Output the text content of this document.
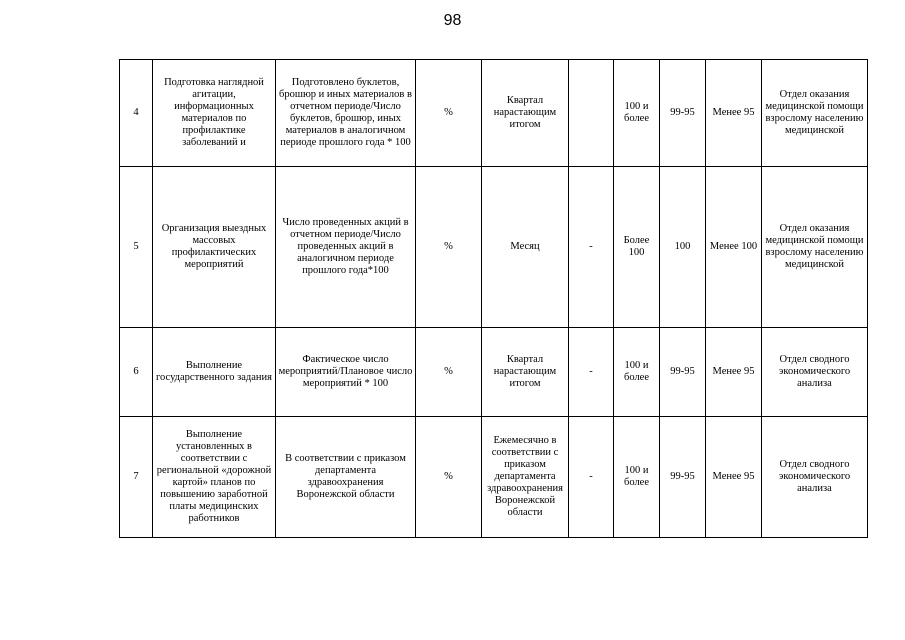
98
4	Подготовка наглядной агитации, информационных материалов по профилактике заболеваний и	Подготовлено буклетов, брошюр и иных материалов в отчетном периоде/Число буклетов, брошюр, иных материалов в аналогичном периоде прошлого года * 100	%	Квартал нарастающим итогом		100 и более	99-95	Менее 95	Отдел оказания медицинской помощи взрослому населению медицинской
5	Организация выездных массовых профилактических мероприятий	Число проведенных акций в отчетном периоде/Число проведенных акций в аналогичном периоде прошлого года*100	%	Месяц	-	Более 100	100	Менее 100	Отдел оказания медицинской помощи взрослому населению медицинской
6	Выполнение государственного задания	Фактическое число мероприятий/Плановое число мероприятий * 100	%	Квартал нарастающим итогом	-	100 и более	99-95	Менее 95	Отдел сводного экономического анализа
7	Выполнение установленных в соответствии с региональной «дорожной картой» планов по повышению заработной платы медицинских работников	В соответствии с приказом департамента здравоохранения Воронежской области	%	Ежемесячно в соответствии с приказом департамента здравоохранения Воронежской области	-	100 и более	99-95	Менее 95	Отдел сводного экономического анализа
